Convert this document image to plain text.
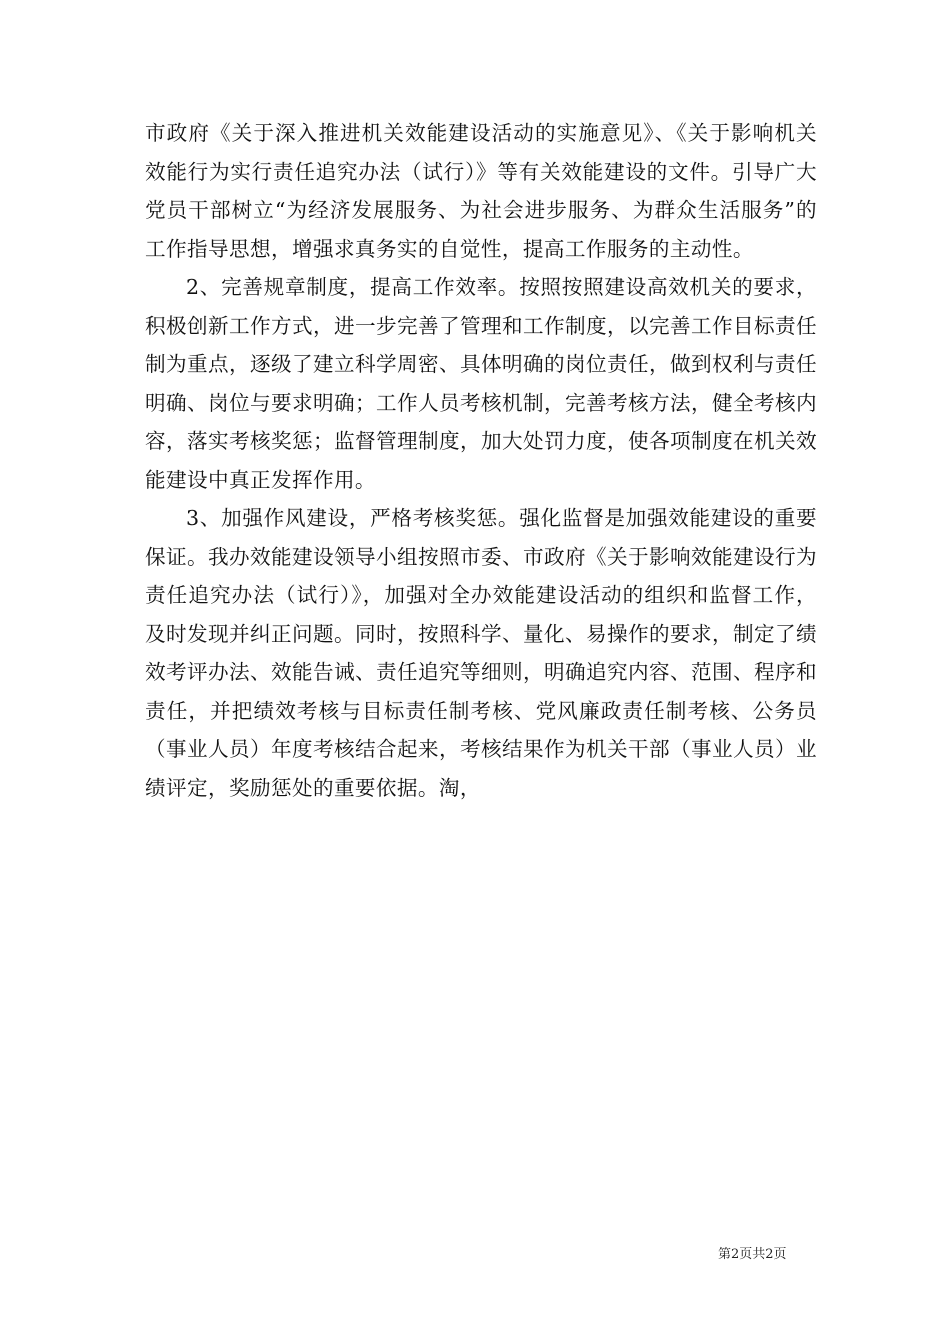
市政府《关于深入推进机关效能建设活动的实施意见》、《关于影响机关效能行为实行责任追究办法（试行）》等有关效能建设的文件。引导广大党员干部树立“为经济发展服务、为社会进步服务、为群众生活服务”的工作指导思想，增强求真务实的自觉性，提高工作服务的主动性。

2、完善规章制度，提高工作效率。按照按照建设高效机关的要求，积极创新工作方式，进一步完善了管理和工作制度，以完善工作目标责任制为重点，逐级了建立科学周密、具体明确的岗位责任，做到权利与责任明确、岗位与要求明确；工作人员考核机制，完善考核方法，健全考核内容，落实考核奖惩；监督管理制度，加大处罚力度，使各项制度在机关效能建设中真正发挥作用。

3、加强作风建设，严格考核奖惩。强化监督是加强效能建设的重要保证。我办效能建设领导小组按照市委、市政府《关于影响效能建设行为责任追究办法（试行）》，加强对全办效能建设活动的组织和监督工作，及时发现并纠正问题。同时，按照科学、量化、易操作的要求，制定了绩效考评办法、效能告诫、责任追究等细则，明确追究内容、范围、程序和责任，并把绩效考核与目标责任制考核、党风廉政责任制考核、公务员（事业人员）年度考核结合起来，考核结果作为机关干部（事业人员）业绩评定，奖励惩处的重要依据。淘，

第2页共2页
